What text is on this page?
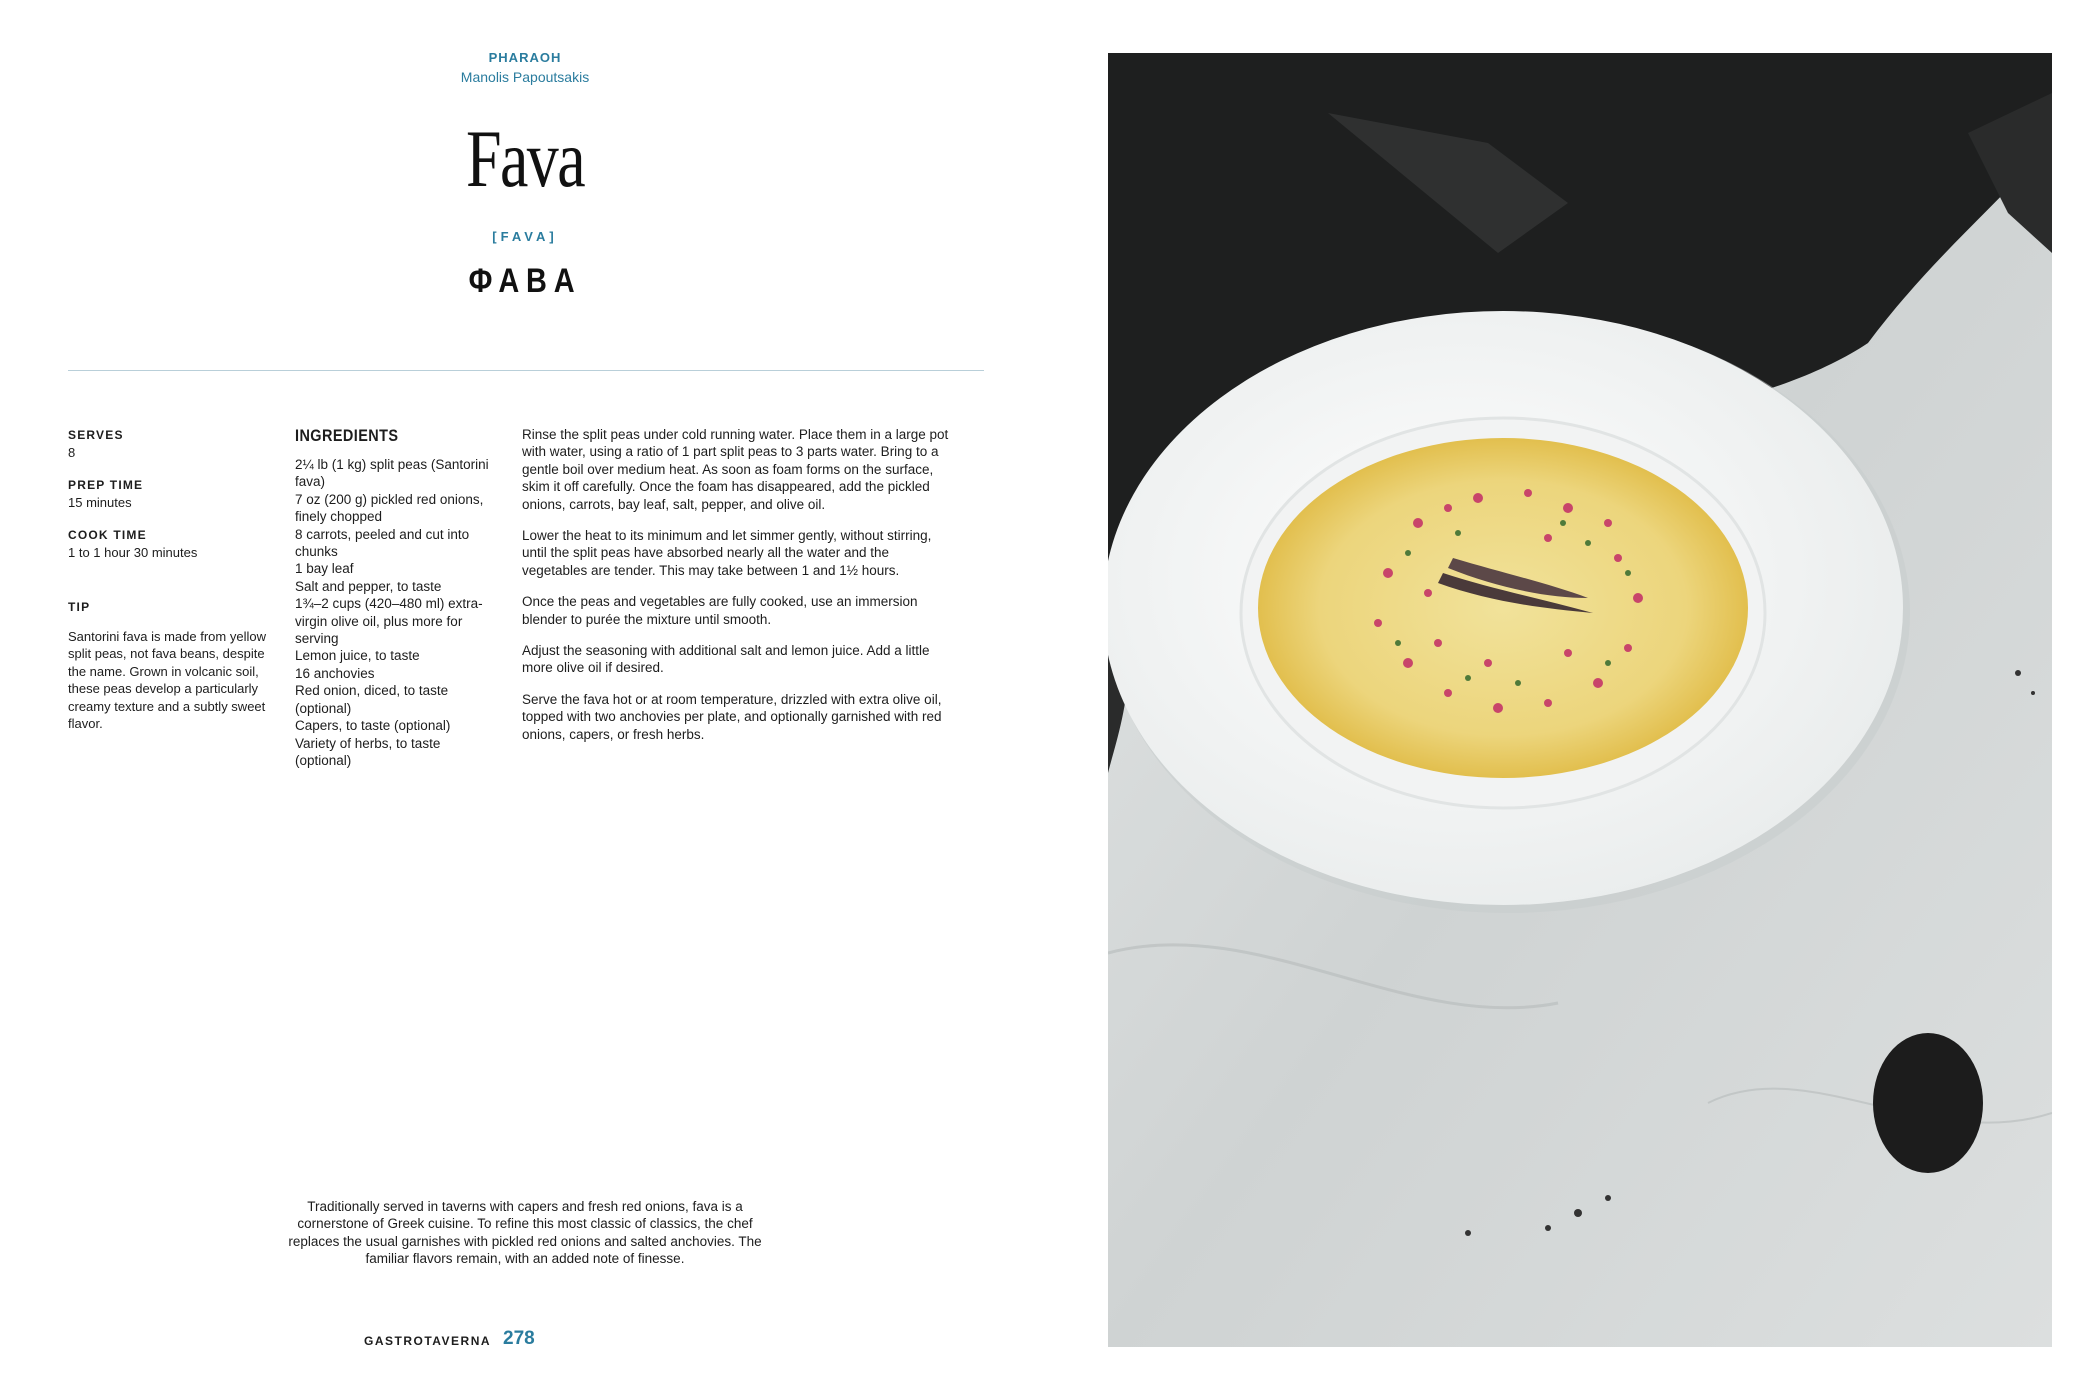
PHARAOH
Manolis Papoutsakis
Fava
[FAVA]
ΦΑΒΑ
SERVES
8
PREP TIME
15 minutes
COOK TIME
1 to 1 hour 30 minutes
TIP
Santorini fava is made from yellow split peas, not fava beans, despite the name. Grown in volcanic soil, these peas develop a particularly creamy texture and a subtly sweet flavor.
INGREDIENTS
2¼ lb (1 kg) split peas (Santorini fava)
7 oz (200 g) pickled red onions, finely chopped
8 carrots, peeled and cut into chunks
1 bay leaf
Salt and pepper, to taste
1¾–2 cups (420–480 ml) extra-virgin olive oil, plus more for serving
Lemon juice, to taste
16 anchovies
Red onion, diced, to taste (optional)
Capers, to taste (optional)
Variety of herbs, to taste (optional)

Rinse the split peas under cold running water. Place them in a large pot with water, using a ratio of 1 part split peas to 3 parts water. Bring to a gentle boil over medium heat. As soon as foam forms on the surface, skim it off carefully. Once the foam has disappeared, add the pickled onions, carrots, bay leaf, salt, pepper, and olive oil.

Lower the heat to its minimum and let simmer gently, without stirring, until the split peas have absorbed nearly all the water and the vegetables are tender. This may take between 1 and 1½ hours.

Once the peas and vegetables are fully cooked, use an immersion blender to purée the mixture until smooth.

Adjust the seasoning with additional salt and lemon juice. Add a little more olive oil if desired.

Serve the fava hot or at room temperature, drizzled with extra olive oil, topped with two anchovies per plate, and optionally garnished with red onions, capers, or fresh herbs.

Traditionally served in taverns with capers and fresh red onions, fava is a cornerstone of Greek cuisine. To refine this most classic of classics, the chef replaces the usual garnishes with pickled red onions and salted anchovies. The familiar flavors remain, with an added note of finesse.
GASTROTAVERNA 278
